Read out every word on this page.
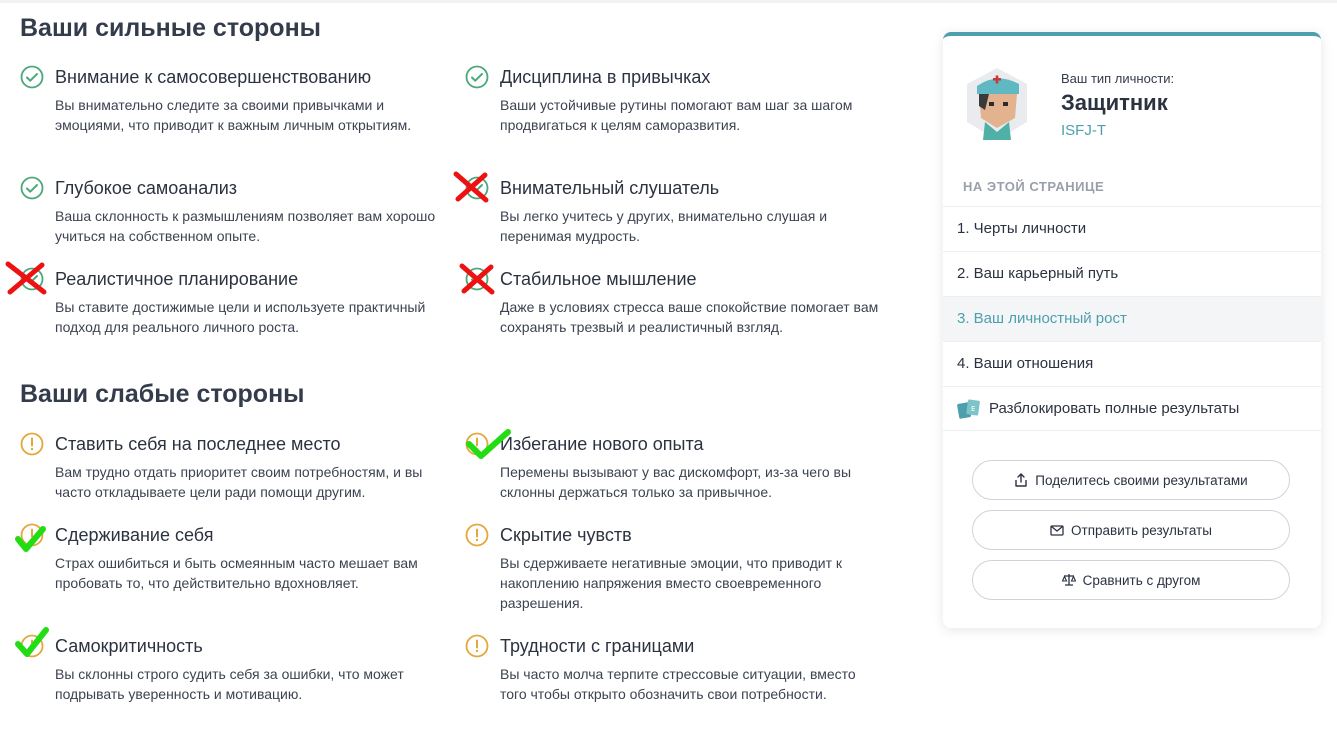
Ваши сильные стороны
Внимание к самосовершенствованию
Вы внимательно следите за своими привычками и эмоциями, что приводит к важным личным открытиям.
Дисциплина в привычках
Ваши устойчивые рутины помогают вам шаг за шагом продвигаться к целям саморазвития.
Глубокое самоанализ
Ваша склонность к размышлениям позволяет вам хорошо учиться на собственном опыте.
Внимательный слушатель
Вы легко учитесь у других, внимательно слушая и перенимая мудрость.
Реалистичное планирование
Вы ставите достижимые цели и используете практичный подход для реального личного роста.
Стабильное мышление
Даже в условиях стресса ваше спокойствие помогает вам сохранять трезвый и реалистичный взгляд.
Ваши слабые стороны
Ставить себя на последнее место
Вам трудно отдать приоритет своим потребностям, и вы часто откладываете цели ради помощи другим.
Избегание нового опыта
Перемены вызывают у вас дискомфорт, из-за чего вы склонны держаться только за привычное.
Сдерживание себя
Страх ошибиться и быть осмеянным часто мешает вам пробовать то, что действительно вдохновляет.
Скрытие чувств
Вы сдерживаете негативные эмоции, что приводит к накоплению напряжения вместо своевременного разрешения.
Самокритичность
Вы склонны строго судить себя за ошибки, что может подрывать уверенность и мотивацию.
Трудности с границами
Вы часто молча терпите стрессовые ситуации, вместо того чтобы открыто обозначить свои потребности.
Ваш тип личности:
Защитник
ISFJ-T
НА ЭТОЙ СТРАНИЦЕ
1. Черты личности
2. Ваш карьерный путь
3. Ваш личностный рост
4. Ваши отношения
E Разблокировать полные результаты
Поделитесь своими результатами
Отправить результаты
Сравнить с другом
